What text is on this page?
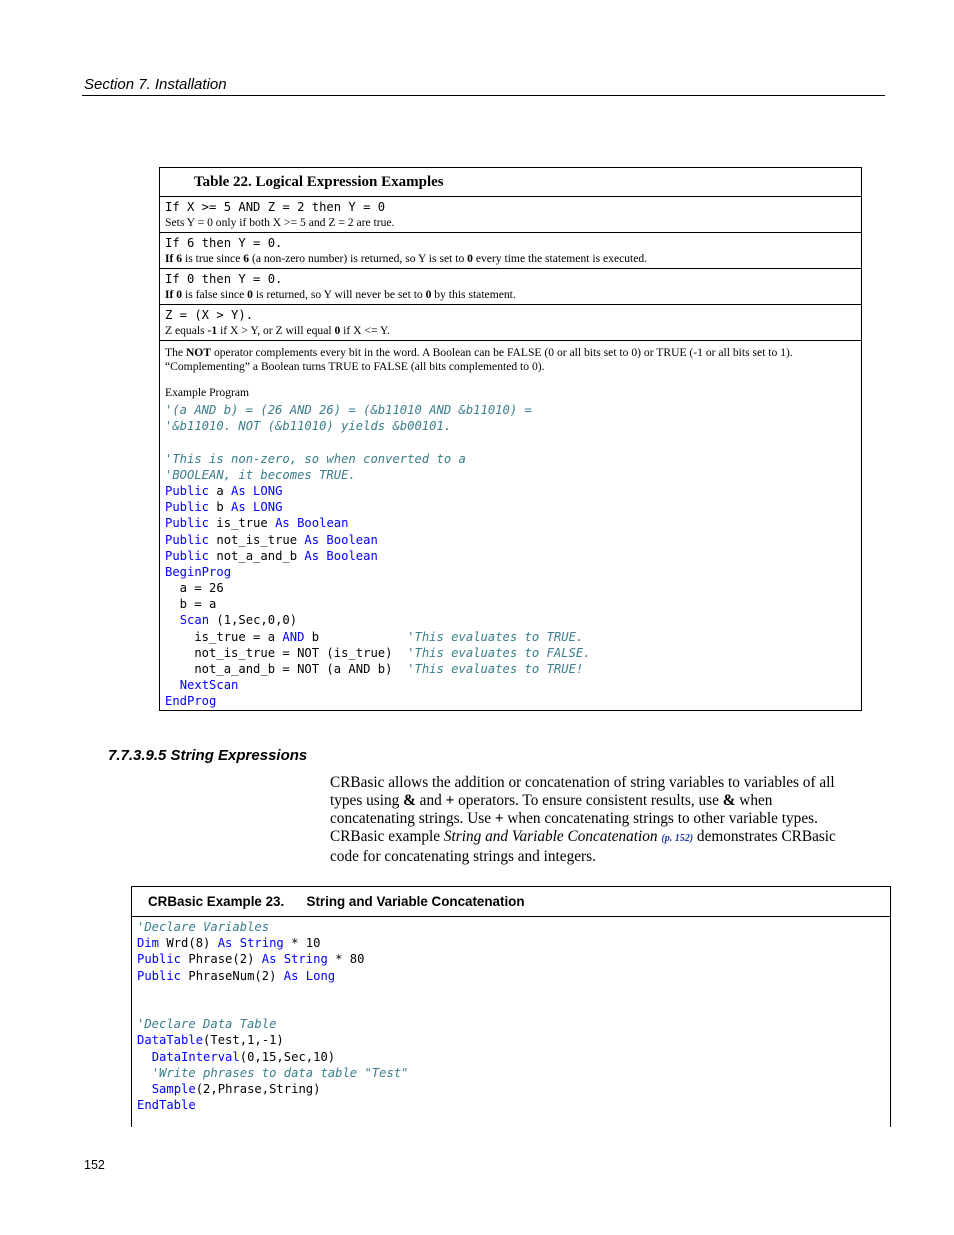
Section 7. Installation
Table 22. Logical Expression Examples
If X >= 5 AND Z = 2 then Y = 0
Sets Y = 0 only if both X >= 5 and Z = 2 are true.
If 6 then Y = 0.
If 6 is true since 6 (a non-zero number) is returned, so Y is set to 0 every time the statement is executed.
If 0 then Y = 0.
If 0 is false since 0 is returned, so Y will never be set to 0 by this statement.
Z = (X > Y).
Z equals -1 if X > Y, or Z will equal 0 if X <= Y.
The NOT operator complements every bit in the word. A Boolean can be FALSE (0 or all bits set to 0) or TRUE (-1 or all bits set to 1). “Complementing” a Boolean turns TRUE to FALSE (all bits complemented to 0).
Example Program
'(a AND b) = (26 AND 26) = (&b11010 AND &b11010) =
'&b11010. NOT (&b11010) yields &b00101.
'This is non-zero, so when converted to a
'BOOLEAN, it becomes TRUE.
Public a As LONG
Public b As LONG
Public is_true As Boolean
Public not_is_true As Boolean
Public not_a_and_b As Boolean
BeginProg
a = 26
b = a
Scan (1,Sec,0,0)
is_true = a AND b            'This evaluates to TRUE.
not_is_true = NOT (is_true)  'This evaluates to FALSE.
not_a_and_b = NOT (a AND b)  'This evaluates to TRUE!
NextScan
EndProg
7.7.3.9.5 String Expressions
CRBasic allows the addition or concatenation of string variables to variables of all types using & and + operators. To ensure consistent results, use & when concatenating strings. Use + when concatenating strings to other variable types. CRBasic example String and Variable Concatenation (p. 152) demonstrates CRBasic code for concatenating strings and integers.
CRBasic Example 23.      String and Variable Concatenation
'Declare Variables
Dim Wrd(8) As String * 10
Public Phrase(2) As String * 80
Public PhraseNum(2) As Long
'Declare Data Table
DataTable(Test,1,-1)
DataInterval(0,15,Sec,10)
'Write phrases to data table "Test"
Sample(2,Phrase,String)
EndTable
152
